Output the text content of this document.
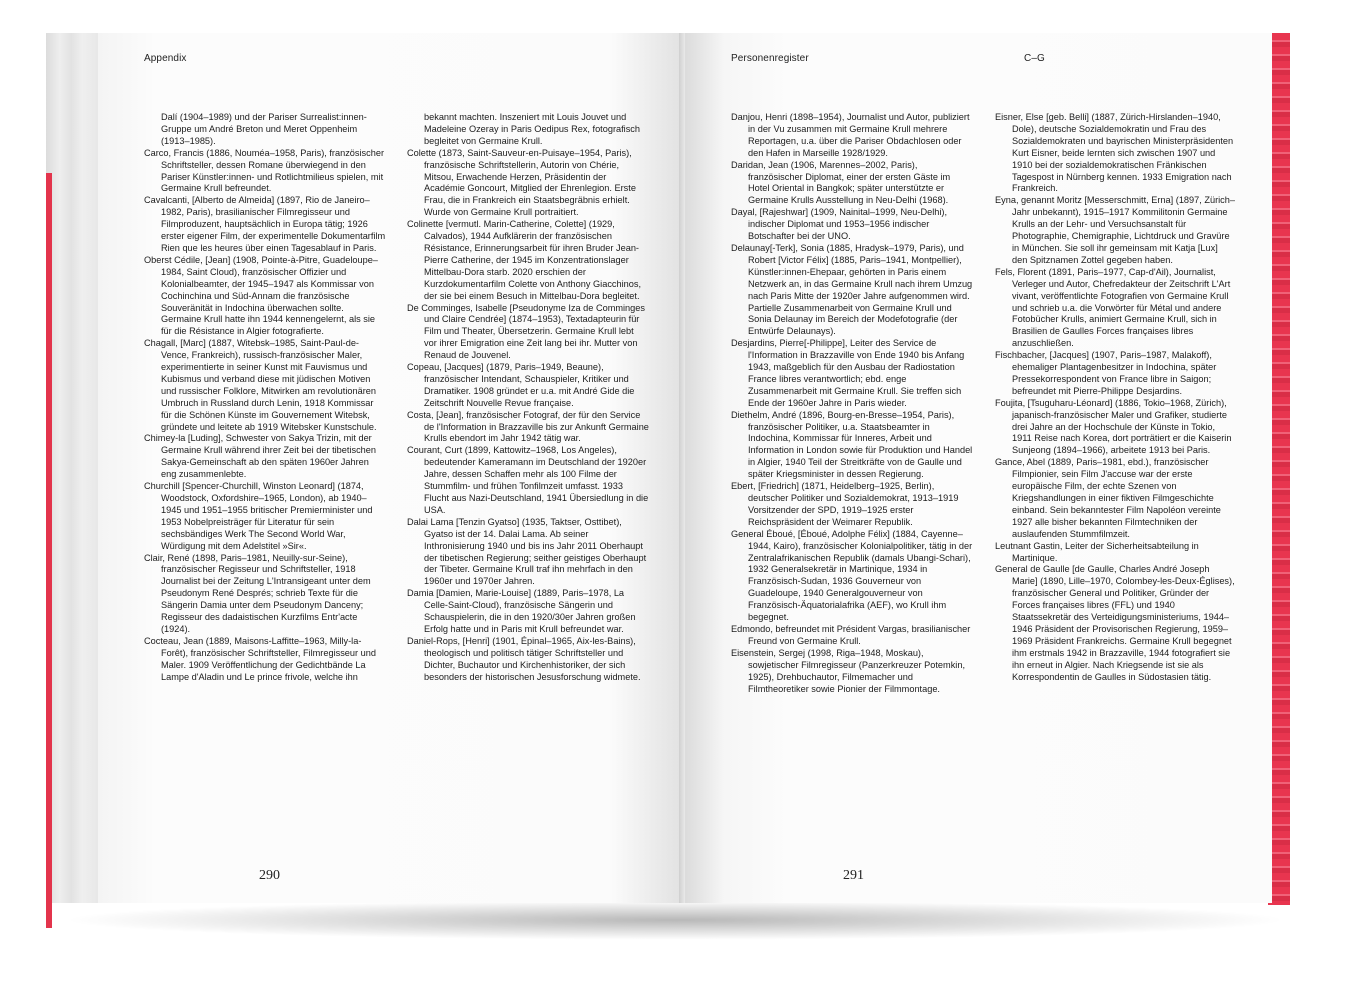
Appendix	Personenregister	C–G

Dalí (1904–1989) und der Pariser Surrealist:innen-Gruppe um André Breton und Meret Oppenheim (1913–1985).

Carco, Francis (1886, Nouméa–1958, Paris), französischer Schriftsteller, dessen Romane überwiegend in den Pariser Künstler:innen- und Rotlichtmilieus spielen, mit Germaine Krull befreundet.

Cavalcanti, [Alberto de Almeida] (1897, Rio de Janeiro–1982, Paris), brasilianischer Filmregisseur und Filmproduzent, hauptsächlich in Europa tätig; 1926 erster eigener Film, der experimentelle Dokumentarfilm Rien que les heures über einen Tagesablauf in Paris.

Oberst Cédile, [Jean] (1908, Pointe-à-Pitre, Guadeloupe–1984, Saint Cloud), französischer Offizier und Kolonialbeamter, der 1945–1947 als Kommissar von Cochinchina und Süd-Annam die französische Souveränität in Indochina überwachen sollte. Germaine Krull hatte ihn 1944 kennengelernt, als sie für die Résistance in Algier fotografierte.

Chagall, [Marc] (1887, Witebsk–1985, Saint-Paul-de-Vence, Frankreich), russisch-französischer Maler, experimentierte in seiner Kunst mit Fauvismus und Kubismus und verband diese mit jüdischen Motiven und russischer Folklore, Mitwirken am revolutionären Umbruch in Russland durch Lenin, 1918 Kommissar für die Schönen Künste im Gouvernement Witebsk, gründete und leitete ab 1919 Witebsker Kunstschule.

Chimey-la [Luding], Schwester von Sakya Trizin, mit der Germaine Krull während ihrer Zeit bei der tibetischen Sakya-Gemeinschaft ab den späten 1960er Jahren eng zusammenlebte.

Churchill [Spencer-Churchill, Winston Leonard] (1874, Woodstock, Oxfordshire–1965, London), ab 1940–1945 und 1951–1955 britischer Premierminister und 1953 Nobelpreisträger für Literatur für sein sechsbändiges Werk The Second World War, Würdigung mit dem Adelstitel »Sir«.

Clair, René (1898, Paris–1981, Neuilly-sur-Seine), französischer Regisseur und Schriftsteller, 1918 Journalist bei der Zeitung L'Intransigeant unter dem Pseudonym René Després; schrieb Texte für die Sängerin Damia unter dem Pseudonym Danceny; Regisseur des dadaistischen Kurzfilms Entr'acte (1924).

Cocteau, Jean (1889, Maisons-Laffitte–1963, Milly-la-Forêt), französischer Schriftsteller, Filmregisseur und Maler. 1909 Veröffentlichung der Gedichtbände La Lampe d'Aladin und Le prince frivole, welche ihn

bekannt machten. Inszeniert mit Louis Jouvet und Madeleine Ozeray in Paris Oedipus Rex, fotografisch begleitet von Germaine Krull.

Colette (1873, Saint-Sauveur-en-Puisaye–1954, Paris), französische Schriftstellerin, Autorin von Chérie, Mitsou, Erwachende Herzen, Präsidentin der Académie Goncourt, Mitglied der Ehrenlegion. Erste Frau, die in Frankreich ein Staatsbegräbnis erhielt. Wurde von Germaine Krull portraitiert.

Colinette [vermutl. Marin-Catherine, Colette] (1929, Calvados), 1944 Aufklärerin der französischen Résistance, Erinnerungsarbeit für ihren Bruder Jean-Pierre Catherine, der 1945 im Konzentrationslager Mittelbau-Dora starb. 2020 erschien der Kurzdokumentarfilm Colette von Anthony Giacchinos, der sie bei einem Besuch in Mittelbau-Dora begleitet.

De Comminges, Isabelle [Pseudonyme Iza de Comminges und Claire Cendrée] (1874–1953), Textadapteurin für Film und Theater, Übersetzerin. Germaine Krull lebt vor ihrer Emigration eine Zeit lang bei ihr. Mutter von Renaud de Jouvenel.

Copeau, [Jacques] (1879, Paris–1949, Beaune), französischer Intendant, Schauspieler, Kritiker und Dramatiker. 1908 gründet er u.a. mit André Gide die Zeitschrift Nouvelle Revue française.

Costa, [Jean], französischer Fotograf, der für den Service de l'Information in Brazzaville bis zur Ankunft Germaine Krulls ebendort im Jahr 1942 tätig war.

Courant, Curt (1899, Kattowitz–1968, Los Angeles), bedeutender Kameramann im Deutschland der 1920er Jahre, dessen Schaffen mehr als 100 Filme der Stummfilm- und frühen Tonfilmzeit umfasst. 1933 Flucht aus Nazi-Deutschland, 1941 Übersiedlung in die USA.

Dalai Lama [Tenzin Gyatso] (1935, Taktser, Osttibet), Gyatso ist der 14. Dalai Lama. Ab seiner Inthronisierung 1940 und bis ins Jahr 2011 Oberhaupt der tibetischen Regierung; seither geistiges Oberhaupt der Tibeter. Germaine Krull traf ihn mehrfach in den 1960er und 1970er Jahren.

Damia [Damien, Marie-Louise] (1889, Paris–1978, La Celle-Saint-Cloud), französische Sängerin und Schauspielerin, die in den 1920/30er Jahren großen Erfolg hatte und in Paris mit Krull befreundet war.

Daniel-Rops, [Henri] (1901, Épinal–1965, Aix-les-Bains), theologisch und politisch tätiger Schriftsteller und Dichter, Buchautor und Kirchenhistoriker, der sich besonders der historischen Jesusforschung widmete.

Danjou, Henri (1898–1954), Journalist und Autor, publiziert in der Vu zusammen mit Germaine Krull mehrere Reportagen, u.a. über die Pariser Obdachlosen oder den Hafen in Marseille 1928/1929.

Daridan, Jean (1906, Marennes–2002, Paris), französischer Diplomat, einer der ersten Gäste im Hotel Oriental in Bangkok; später unterstützte er Germaine Krulls Ausstellung in Neu-Delhi (1968).

Dayal, [Rajeshwar] (1909, Nainital–1999, Neu-Delhi), indischer Diplomat und 1953–1956 indischer Botschafter bei der UNO.

Delaunay[-Terk], Sonia (1885, Hradysk–1979, Paris), und Robert [Victor Félix] (1885, Paris–1941, Montpellier), Künstler:innen-Ehepaar, gehörten in Paris einem Netzwerk an, in das Germaine Krull nach ihrem Umzug nach Paris Mitte der 1920er Jahre aufgenommen wird. Partielle Zusammenarbeit von Germaine Krull und Sonia Delaunay im Bereich der Modefotografie (der Entwürfe Delaunays).

Desjardins, Pierre[-Philippe], Leiter des Service de l'Information in Brazzaville von Ende 1940 bis Anfang 1943, maßgeblich für den Ausbau der Radiostation France libres verantwortlich; ebd. enge Zusammenarbeit mit Germaine Krull. Sie treffen sich Ende der 1960er Jahre in Paris wieder.

Diethelm, André (1896, Bourg-en-Bresse–1954, Paris), französischer Politiker, u.a. Staatsbeamter in Indochina, Kommissar für Inneres, Arbeit und Information in London sowie für Produktion und Handel in Algier, 1940 Teil der Streitkräfte von de Gaulle und später Kriegsminister in dessen Regierung.

Ebert, [Friedrich] (1871, Heidelberg–1925, Berlin), deutscher Politiker und Sozialdemokrat, 1913–1919 Vorsitzender der SPD, 1919–1925 erster Reichspräsident der Weimarer Republik.

General Éboué, [Éboué, Adolphe Félix] (1884, Cayenne–1944, Kairo), französischer Kolonialpolitiker, tätig in der Zentralafrikanischen Republik (damals Ubangi-Schari), 1932 Generalsekretär in Martinique, 1934 in Französisch-Sudan, 1936 Gouverneur von Guadeloupe, 1940 Generalgouverneur von Französisch-Äquatorialafrika (AEF), wo Krull ihm begegnet.

Edmondo, befreundet mit Président Vargas, brasilianischer Freund von Germaine Krull.

Eisenstein, Sergej (1998, Riga–1948, Moskau), sowjetischer Filmregisseur (Panzerkreuzer Potemkin, 1925), Drehbuchautor, Filmemacher und Filmtheoretiker sowie Pionier der Filmmontage.

Eisner, Else [geb. Belli] (1887, Zürich-Hirslanden–1940, Dole), deutsche Sozialdemokratin und Frau des Sozialdemokraten und bayrischen Ministerpräsidenten Kurt Eisner, beide lernten sich zwischen 1907 und 1910 bei der sozialdemokratischen Fränkischen Tagespost in Nürnberg kennen. 1933 Emigration nach Frankreich.

Eyna, genannt Moritz [Messerschmitt, Erna] (1897, Zürich–Jahr unbekannt), 1915–1917 Kommilitonin Germaine Krulls an der Lehr- und Versuchsanstalt für Photographie, Chemigraphie, Lichtdruck und Gravüre in München. Sie soll ihr gemeinsam mit Katja [Lux] den Spitznamen Zottel gegeben haben.

Fels, Florent (1891, Paris–1977, Cap-d'Ail), Journalist, Verleger und Autor, Chefredakteur der Zeitschrift L'Art vivant, veröffentlichte Fotografien von Germaine Krull und schrieb u.a. die Vorwörter für Métal und andere Fotobücher Krulls, animiert Germaine Krull, sich in Brasilien de Gaulles Forces françaises libres anzuschließen.

Fischbacher, [Jacques] (1907, Paris–1987, Malakoff), ehemaliger Plantagenbesitzer in Indochina, später Pressekorrespondent von France libre in Saigon; befreundet mit Pierre-Philippe Desjardins.

Foujita, [Tsuguharu-Léonard] (1886, Tokio–1968, Zürich), japanisch-französischer Maler und Grafiker, studierte drei Jahre an der Hochschule der Künste in Tokio, 1911 Reise nach Korea, dort porträtiert er die Kaiserin Sunjeong (1894–1966), arbeitete 1913 bei Paris.

Gance, Abel (1889, Paris–1981, ebd.), französischer Filmpionier, sein Film J'accuse war der erste europäische Film, der echte Szenen von Kriegshandlungen in einer fiktiven Filmgeschichte einband. Sein bekanntester Film Napoléon vereinte 1927 alle bisher bekannten Filmtechniken der auslaufenden Stummfilmzeit.

Leutnant Gastin, Leiter der Sicherheitsabteilung in Martinique.

General de Gaulle [de Gaulle, Charles André Joseph Marie] (1890, Lille–1970, Colombey-les-Deux-Églises), französischer General und Politiker, Gründer der Forces françaises libres (FFL) und 1940 Staatssekretär des Verteidigungsministeriums, 1944–1946 Präsident der Provisorischen Regierung, 1959–1969 Präsident Frankreichs. Germaine Krull begegnet ihm erstmals 1942 in Brazzaville, 1944 fotografiert sie ihn erneut in Algier. Nach Kriegsende ist sie als Korrespondentin de Gaulles in Südostasien tätig.

290	291
